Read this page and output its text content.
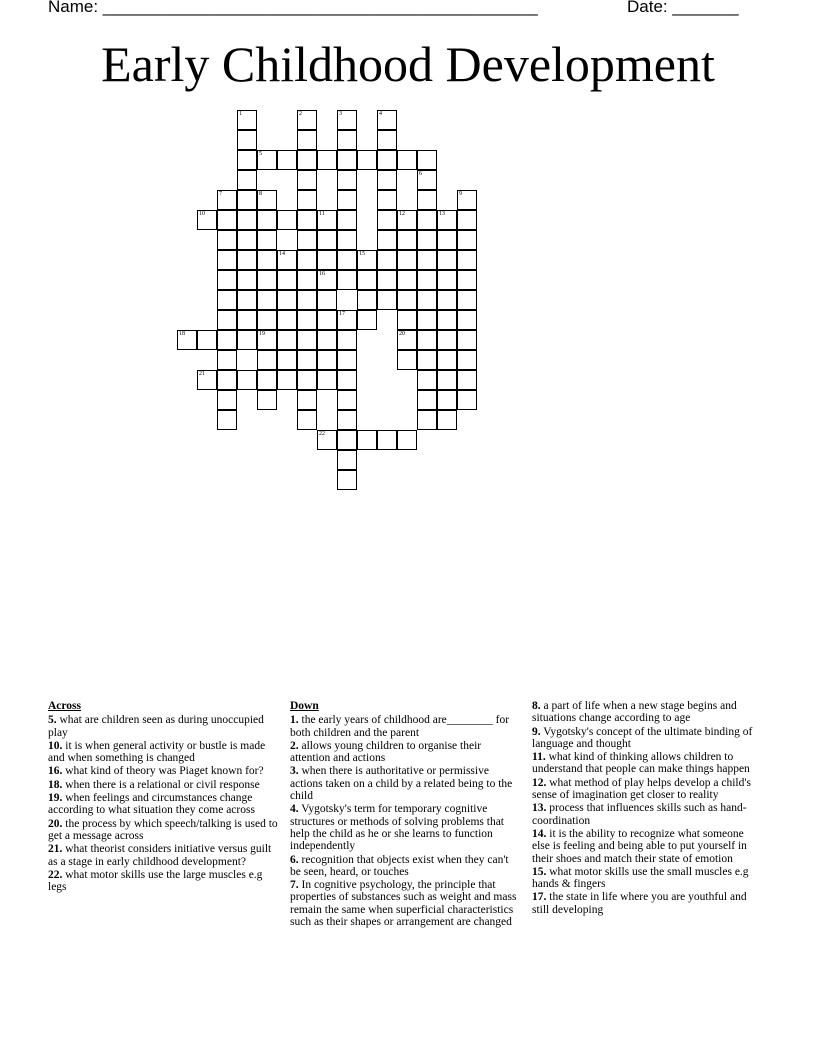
Name: ______________________________________________	Date: _______
Early Childhood Development
1	2	3	4
5
6
7	8
19
9
10	11
16
12
20
13
14	15
17
18
21
22
Across
5. what are children seen as during unoccupied play
10. it is when general activity or bustle is made and when something is changed
16. what kind of theory was Piaget known for?
18. when there is a relational or civil response
19. when feelings and circumstances change according to what situation they come across
20. the process by which speech/talking is used to get a message across
21. what theorist considers initiative versus guilt as a stage in early childhood development?
22. what motor skills use the large muscles e.g legs
Down
1. the early years of childhood are________ for both children and the parent
2. allows young children to organise their attention and actions
3. when there is authoritative or permissive actions taken on a child by a related being to the child
4. Vygotsky's term for temporary cognitive structures or methods of solving problems that help the child as he or she learns to function independently
6. recognition that objects exist when they can't be seen, heard, or touches
7. In cognitive psychology, the principle that properties of substances such as weight and mass remain the same when superficial characteristics such as their shapes or arrangement are changed
8. a part of life when a new stage begins and situations change according to age
9. Vygotsky's concept of the ultimate binding of language and thought
11. what kind of thinking allows children to understand that people can make things happen
12. what method of play helps develop a child's sense of imagination get closer to reality
13. process that influences skills such as hand-coordination
14. it is the ability to recognize what someone else is feeling and being able to put yourself in their shoes and match their state of emotion
15. what motor skills use the small muscles e.g hands & fingers
17. the state in life where you are youthful and still developing
